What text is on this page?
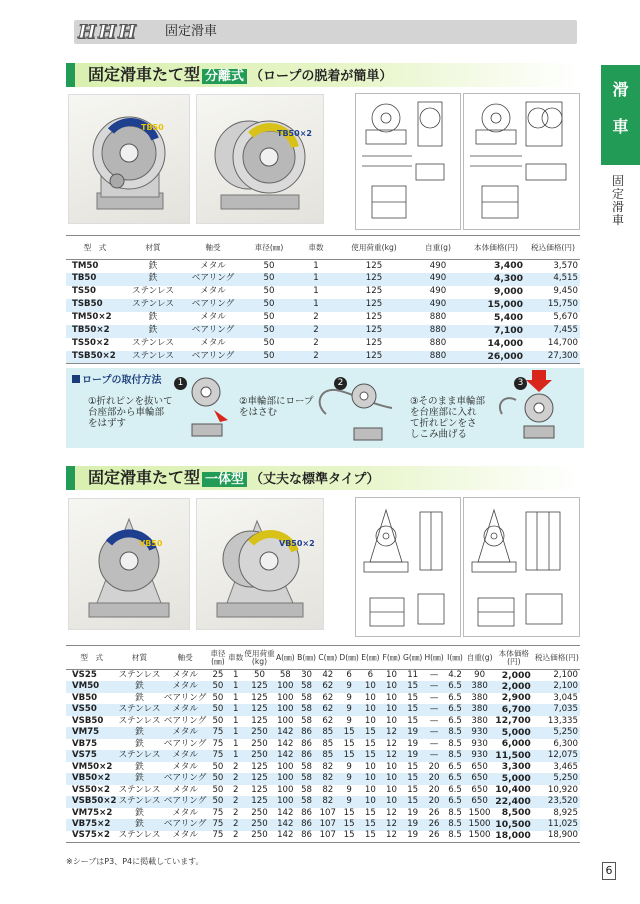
HHH 固定滑車
滑
車
固定滑車
固定滑車たて型 分離式 （ロープの脱着が簡単）
TB50
TB50×2
型　式	材質	軸受	車径(㎜)	車数	使用荷重(kg)	自重(g)	本体価格(円)	税込価格(円)
TM50	鉄	メタル	50	1	125	490	3,400	3,570
TB50	鉄	ベアリング	50	1	125	490	4,300	4,515
TS50	ステンレス	メタル	50	1	125	490	9,000	9,450
TSB50	ステンレス	ベアリング	50	1	125	490	15,000	15,750
TM50×2	鉄	メタル	50	2	125	880	5,400	5,670
TB50×2	鉄	ベアリング	50	2	125	880	7,100	7,455
TS50×2	ステンレス	メタル	50	2	125	880	14,000	14,700
TSB50×2	ステンレス	ベアリング	50	2	125	880	26,000	27,300
ロープの取付方法	1
①折れピンを抜いて
台座部から車輪部
をはずす
2
②車輪部にロープ
をはさむ
3
③そのまま車輪部
を台座部に入れ
て折れピンをさ
しこみ曲げる
固定滑車たて型 一体型 （丈夫な標準タイプ）
VB50	VB50×2
型　式	材質	軸受	車径(㎜)	車数	使用荷重(kg)	A(㎜)	B(㎜)	C(㎜)	D(㎜)	E(㎜)	F(㎜)	G(㎜)	H(㎜)	I(㎜)	自重(g)	本体価格(円)	税込価格(円)
VS25	ステンレス	メタル	25	1	50	58	30	42	6	6	10	11	—	4.2	90	2,000	2,100
VM50	鉄	メタル	50	1	125	100	58	62	9	10	10	15	—	6.5	380	2,000	2,100
VB50	鉄	ベアリング	50	1	125	100	58	62	9	10	10	15	—	6.5	380	2,900	3,045
VS50	ステンレス	メタル	50	1	125	100	58	62	9	10	10	15	—	6.5	380	6,700	7,035
VSB50	ステンレス	ベアリング	50	1	125	100	58	62	9	10	10	15	—	6.5	380	12,700	13,335
VM75	鉄	メタル	75	1	250	142	86	85	15	15	12	19	—	8.5	930	5,000	5,250
VB75	鉄	ベアリング	75	1	250	142	86	85	15	15	12	19	—	8.5	930	6,000	6,300
VS75	ステンレス	メタル	75	1	250	142	86	85	15	15	12	19	—	8.5	930	11,500	12,075
VM50×2	鉄	メタル	50	2	125	100	58	82	9	10	10	15	20	6.5	650	3,300	3,465
VB50×2	鉄	ベアリング	50	2	125	100	58	82	9	10	10	15	20	6.5	650	5,000	5,250
VS50×2	ステンレス	メタル	50	2	125	100	58	82	9	10	10	15	20	6.5	650	10,400	10,920
VSB50×2	ステンレス	ベアリング	50	2	125	100	58	82	9	10	10	15	20	6.5	650	22,400	23,520
VM75×2	鉄	メタル	75	2	250	142	86	107	15	15	12	19	26	8.5	1500	8,500	8,925
VB75×2	鉄	ベアリング	75	2	250	142	86	107	15	15	12	19	26	8.5	1500	10,500	11,025
VS75×2	ステンレス	メタル	75	2	250	142	86	107	15	15	12	19	26	8.5	1500	18,000	18,900
※シーブはP3、P4に掲載しています。
6
